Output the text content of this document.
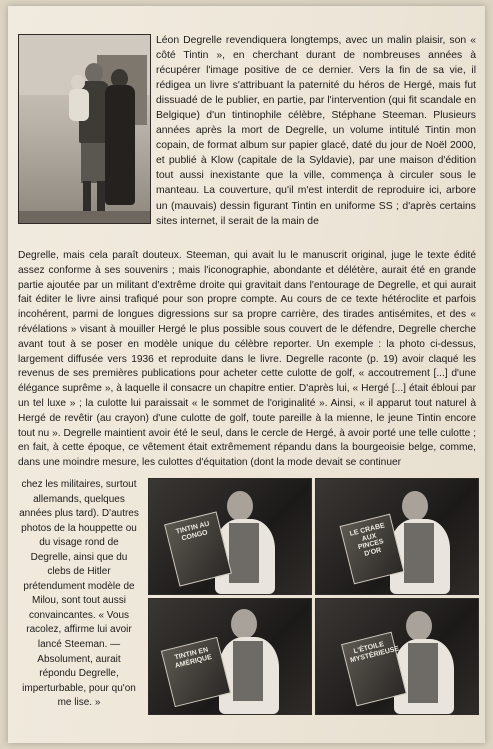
Léon Degrelle revendiquera longtemps, avec un malin plaisir, son « côté Tintin », en cherchant durant de nombreuses années à récupérer l'image positive de ce dernier. Vers la fin de sa vie, il rédigea un livre s'attribuant la paternité du héros de Hergé, mais fut dissuadé de le publier, en partie, par l'intervention (qui fit scandale en Belgique) d'un tintinophile célèbre, Stéphane Steeman. Plusieurs années après la mort de Degrelle, un volume intitulé Tintin mon copain, de format album sur papier glacé, daté du jour de Noël 2000, et publié à Klow (capitale de la Syldavie), par une maison d'édition tout aussi inexistante que la ville, commença à circuler sous le manteau. La couverture, qu'il m'est interdit de reproduire ici, arbore un (mauvais) dessin figurant Tintin en uniforme SS ; d'après certains sites internet, il serait de la main de
Degrelle, mais cela paraît douteux. Steeman, qui avait lu le manuscrit original, juge le texte édité assez conforme à ses souvenirs ; mais l'iconographie, abondante et délétère, aurait été en grande partie ajoutée par un militant d'extrême droite qui gravitait dans l'entourage de Degrelle, et qui aurait fait éditer le livre ainsi trafiqué pour son propre compte. Au cours de ce texte hétéroclite et parfois incohérent, parmi de longues digressions sur sa propre carrière, des tirades antisémites, et des « révélations » visant à mouiller Hergé le plus possible sous couvert de le défendre, Degrelle cherche avant tout à se poser en modèle unique du célèbre reporter. Un exemple : la photo ci-dessus, largement diffusée vers 1936 et reproduite dans le livre. Degrelle raconte (p. 19) avoir claqué les revenus de ses premières publications pour acheter cette culotte de golf, « accoutrement [...] d'une élégance suprême », à laquelle il consacre un chapitre entier. D'après lui, « Hergé [...] était ébloui par un tel luxe » ; la culotte lui paraissait « le sommet de l'originalité ». Ainsi, « il apparut tout naturel à Hergé de revêtir (au crayon) d'une culotte de golf, toute pareille à la mienne, le jeune Tintin encore tout nu ». Degrelle maintient avoir été le seul, dans le cercle de Hergé, à avoir porté une telle culotte ; en fait, à cette époque, ce vêtement était extrêmement répandu dans la bourgeoisie belge, comme, dans une moindre mesure, les culottes d'équitation (dont la mode devait se continuer
chez les militaires, surtout allemands, quelques années plus tard). D'autres photos de la houppette ou du visage rond de Degrelle, ainsi que du clebs de Hitler prétendument modèle de Milou, sont tout aussi convaincantes. « Vous racolez, affirme lui avoir lancé Steeman. — Absolument, aurait répondu Degrelle, imperturbable, pour qu'on me lise. »
TINTIN AU CONGO	LE CRABE AUX PINCES D'OR
TINTIN EN AMÉRIQUE
L'ÉTOILE MYSTÉRIEUSE
